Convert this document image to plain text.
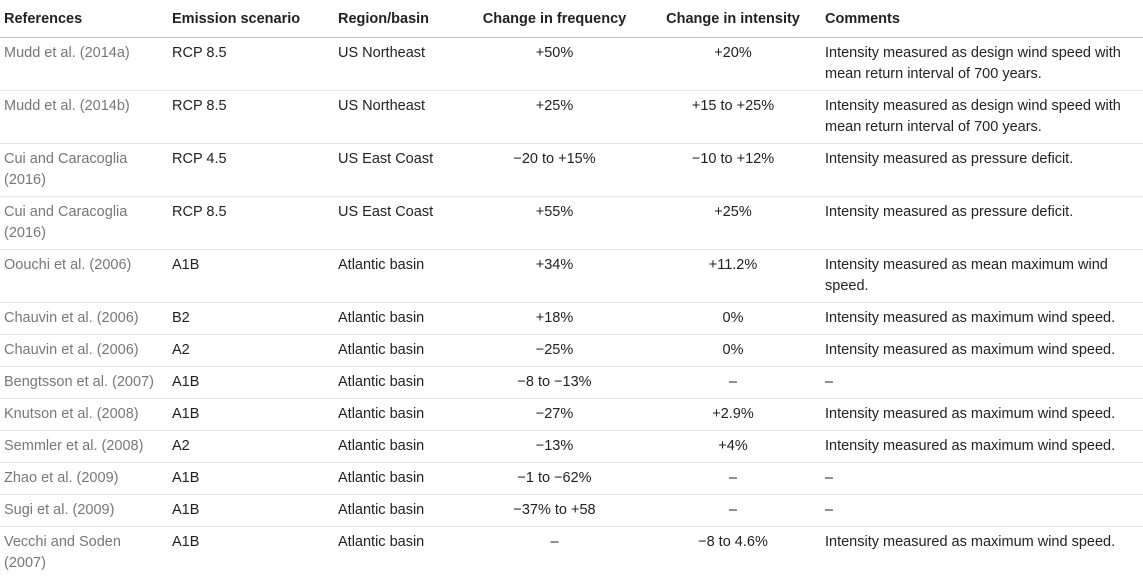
References	Emission scenario	Region/basin	Change in frequency	Change in intensity	Comments
Mudd et al. (2014a)	RCP 8.5	US Northeast	+50%	+20%	Intensity measured as design wind speed with mean return interval of 700 years.
Mudd et al. (2014b)	RCP 8.5	US Northeast	+25%	+15 to +25%	Intensity measured as design wind speed with mean return interval of 700 years.
Cui and Caracoglia (2016)	RCP 4.5	US East Coast	−20 to +15%	−10 to +12%	Intensity measured as pressure deficit.
Cui and Caracoglia (2016)	RCP 8.5	US East Coast	+55%	+25%	Intensity measured as pressure deficit.
Oouchi et al. (2006)	A1B	Atlantic basin	+34%	+11.2%	Intensity measured as mean maximum wind speed.
Chauvin et al. (2006)	B2	Atlantic basin	+18%	0%	Intensity measured as maximum wind speed.
Chauvin et al. (2006)	A2	Atlantic basin	−25%	0%	Intensity measured as maximum wind speed.
Bengtsson et al. (2007)	A1B	Atlantic basin	−8 to −13%	–	–
Knutson et al. (2008)	A1B	Atlantic basin	−27%	+2.9%	Intensity measured as maximum wind speed.
Semmler et al. (2008)	A2	Atlantic basin	−13%	+4%	Intensity measured as maximum wind speed.
Zhao et al. (2009)	A1B	Atlantic basin	−1 to −62%	–	–
Sugi et al. (2009)	A1B	Atlantic basin	−37% to +58	–	–
Vecchi and Soden (2007)	A1B	Atlantic basin	–	−8 to 4.6%	Intensity measured as maximum wind speed.
